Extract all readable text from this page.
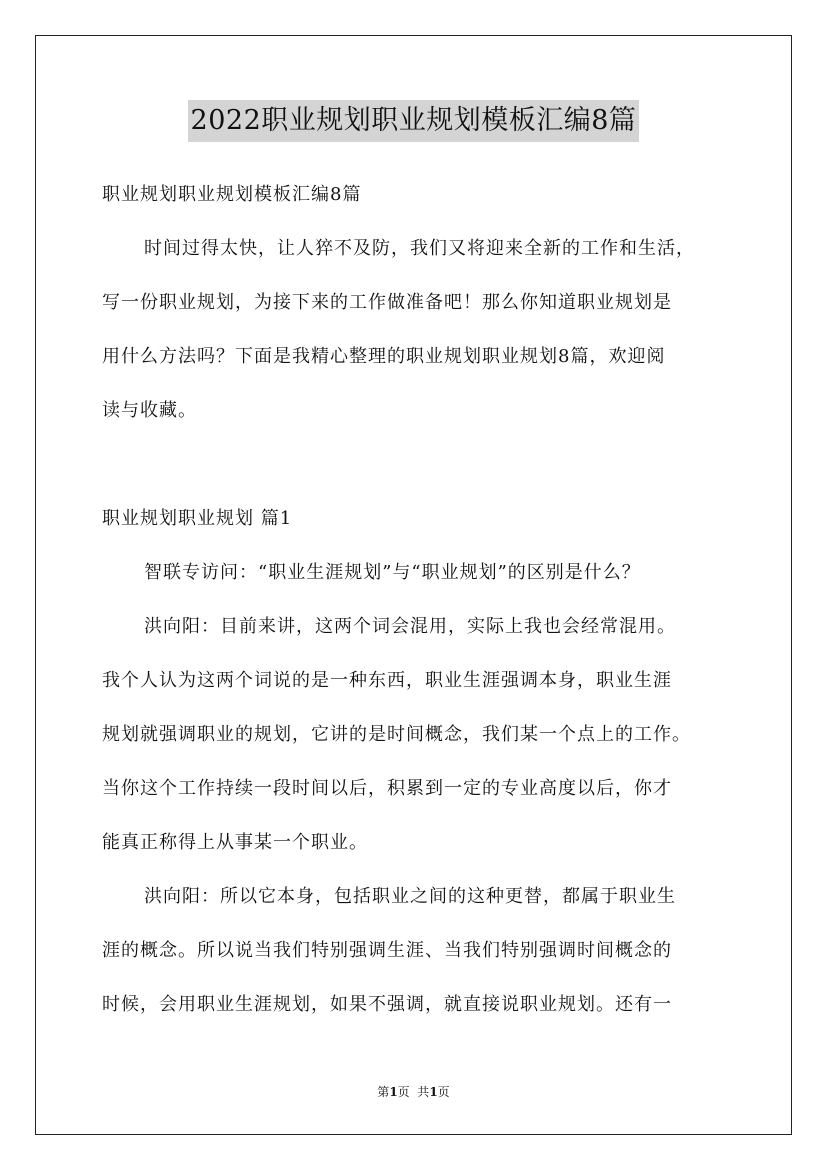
2022职业规划职业规划模板汇编8篇
职业规划职业规划模板汇编8篇
时间过得太快，让人猝不及防，我们又将迎来全新的工作和生活，
写一份职业规划，为接下来的工作做准备吧！那么你知道职业规划是
用什么方法吗？下面是我精心整理的职业规划职业规划8篇，欢迎阅
读与收藏。
职业规划职业规划 篇1
智联专访问：“职业生涯规划”与“职业规划”的区别是什么？
洪向阳：目前来讲，这两个词会混用，实际上我也会经常混用。
我个人认为这两个词说的是一种东西，职业生涯强调本身，职业生涯
规划就强调职业的规划，它讲的是时间概念，我们某一个点上的工作。
当你这个工作持续一段时间以后，积累到一定的专业高度以后，你才
能真正称得上从事某一个职业。
洪向阳：所以它本身，包括职业之间的这种更替，都属于职业生
涯的概念。所以说当我们特别强调生涯、当我们特别强调时间概念的
时候，会用职业生涯规划，如果不强调，就直接说职业规划。还有一
第1页  共1页
